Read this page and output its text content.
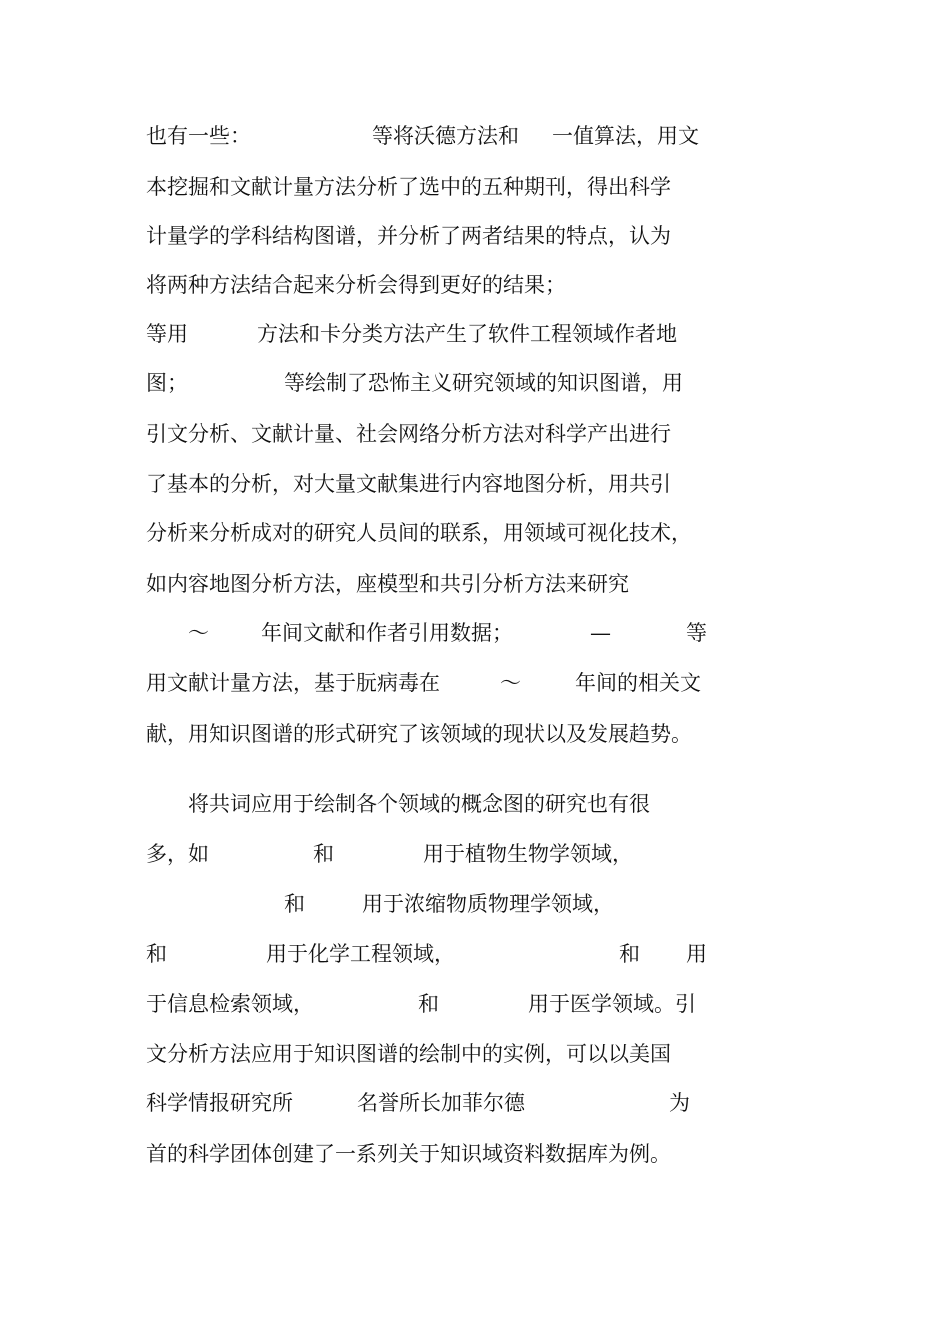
也有一些：	等将沃德方法和 一值算法，用文
本挖掘和文献计量方法分析了选中的五种期刊，得出科学
计量学的学科结构图谱，并分析了两者结果的特点，认为
将两种方法结合起来分析会得到更好的结果；
等用	方法和卡分类方法产生了软件工程领域作者地
图；	等绘制了恐怖主义研究领域的知识图谱，用
引文分析、文献计量、社会网络分析方法对科学产出进行
了基本的分析，对大量文献集进行内容地图分析，用共引
分析来分析成对的研究人员间的联系，用领域可视化技术，
如内容地图分析方法，座模型和共引分析方法来研究
～ 年间文献和作者引用数据；	—	等
用文献计量方法，基于朊病毒在	～	年间的相关文
献，用知识图谱的形式研究了该领域的现状以及发展趋势。
将共词应用于绘制各个领域的概念图的研究也有很
多，如	和	用于植物生物学领域，
和	用于浓缩物质物理学领域，
和	用于化学工程领域，	和 用
于信息检索领域，	和	用于医学领域。引
文分析方法应用于知识图谱的绘制中的实例，可以以美国
科学情报研究所	名誉所长加菲尔德	为
首的科学团体创建了一系列关于知识域资料数据库为例。
